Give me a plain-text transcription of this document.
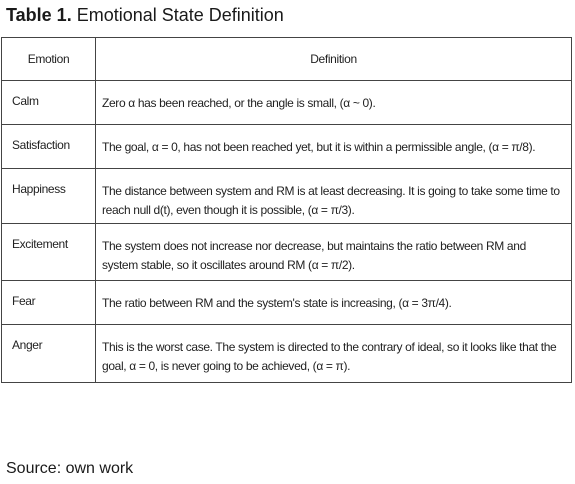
Table 1. Emotional State Definition
Emotion	Definition
Calm	Zero α has been reached, or the angle is small, (α ~ 0).
Satisfaction	The goal, α = 0, has not been reached yet, but it is within a permissible angle, (α = π/8).
Happiness	The distance between system and RM is at least decreasing. It is going to take some time to reach null d(t), even though it is possible, (α = π/3).
Excitement	The system does not increase nor decrease, but maintains the ratio between RM and system stable, so it oscillates around RM (α = π/2).
Fear	The ratio between RM and the system's state is increasing, (α = 3π/4).
Anger	This is the worst case. The system is directed to the contrary of ideal, so it looks like that the goal, α = 0, is never going to be achieved, (α = π).
Source: own work
